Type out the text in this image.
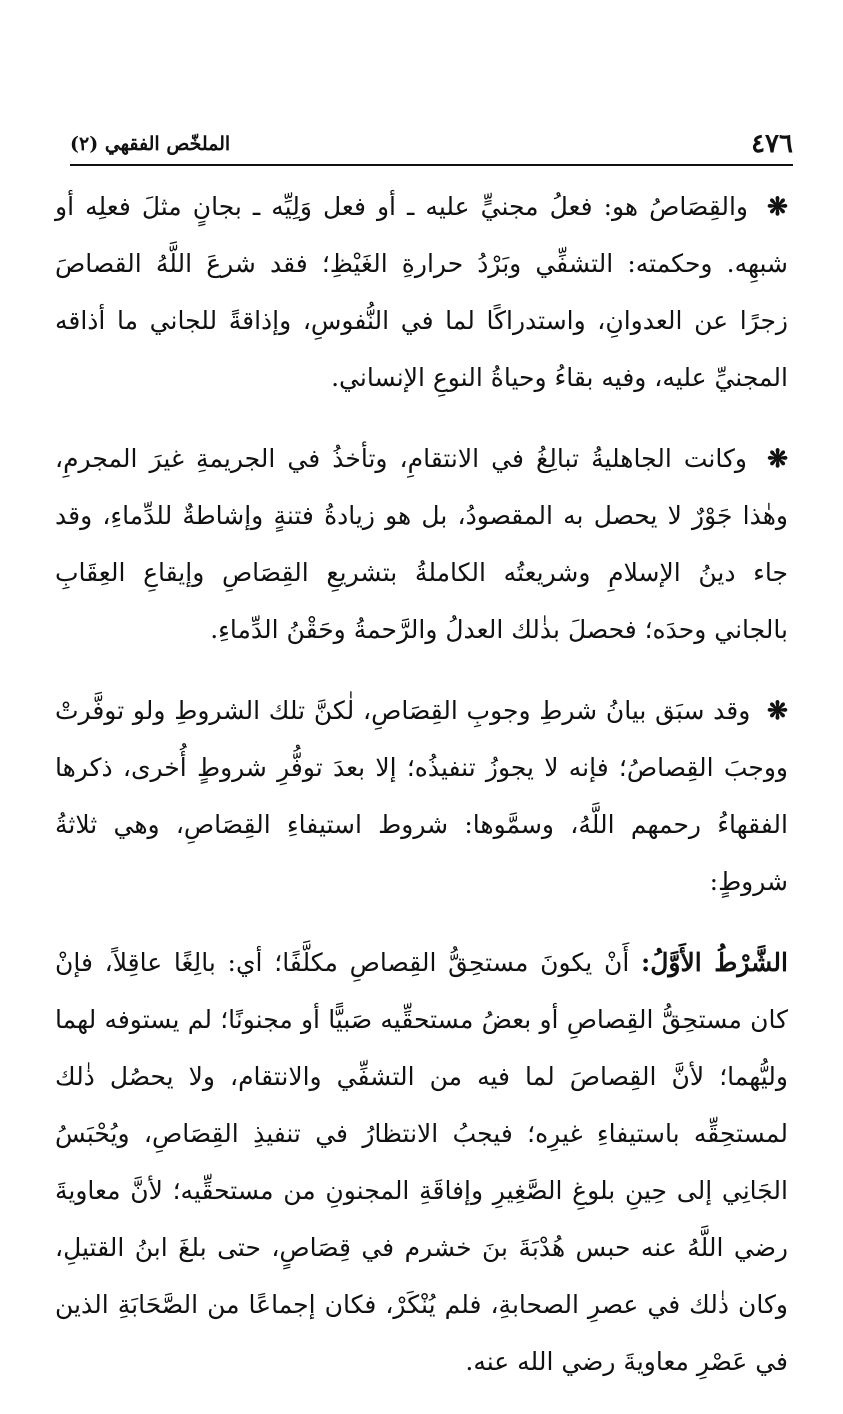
٤٧٦
الملخّص الفقهي (٢)

❋ والقِصَاصُ هو: فعلُ مجنيٍّ عليه ـ أو فعل وَلِيِّه ـ بجانٍ مثلَ فعلِه أو شبهِه. وحكمته: التشفِّي وبَرْدُ حرارةِ الغَيْظِ؛ فقد شرعَ اللَّهُ القصاصَ زجرًا عن العدوانِ، واستدراكًا لما في النُّفوسِ، وإذاقةً للجاني ما أذاقه المجنيِّ عليه، وفيه بقاءُ وحياةُ النوعِ الإنساني.

❋ وكانت الجاهليةُ تبالِغُ في الانتقامِ، وتأخذُ في الجريمةِ غيرَ المجرمِ، وهٰذا جَوْرٌ لا يحصل به المقصودُ، بل هو زيادةُ فتنةٍ وإشاطةٌ للدِّماءِ، وقد جاء دينُ الإسلامِ وشريعتُه الكاملةُ بتشريعِ القِصَاصِ وإيقاعِ العِقَابِ بالجاني وحدَه؛ فحصلَ بذٰلك العدلُ والرَّحمةُ وحَقْنُ الدِّماءِ.

❋ وقد سبَق بيانُ شرطِ وجوبِ القِصَاصِ، لٰكنَّ تلك الشروطِ ولو توفَّرتْ ووجبَ القِصاصُ؛ فإنه لا يجوزُ تنفيذُه؛ إلا بعدَ توفُّرِ شروطٍ أُخرى، ذكرها الفقهاءُ رحمهم اللَّهُ، وسمَّوها: شروط استيفاءِ القِصَاصِ، وهي ثلاثةُ شروطٍ:

الشَّرْطُ الأَوَّلُ: أَنْ يكونَ مستحِقُّ القِصاصِ مكلَّفًا؛ أي: بالِغًا عاقِلاً، فإنْ كان مستحِقُّ القِصاصِ أو بعضُ مستحقِّيه صَبيًّا أو مجنونًا؛ لم يستوفه لهما وليُّهما؛ لأنَّ القِصاصَ لما فيه من التشفِّي والانتقام، ولا يحصُل ذٰلك لمستحِقِّه باستيفاءِ غيرِه؛ فيجبُ الانتظارُ في تنفيذِ القِصَاصِ، ويُحْبَسُ الجَانِي إلى حِينِ بلوغِ الصَّغِيرِ وإفاقَةِ المجنونِ من مستحقِّيه؛ لأنَّ معاويةَ رضي اللَّهُ عنه حبس هُدْبَةَ بنَ خشرم في قِصَاصٍ، حتى بلغَ ابنُ القتيلِ، وكان ذٰلك في عصرِ الصحابةِ، فلم يُنْكَرْ، فكان إجماعًا من الصَّحَابَةِ الذين في عَصْرِ معاويةَ رضي الله عنه.
